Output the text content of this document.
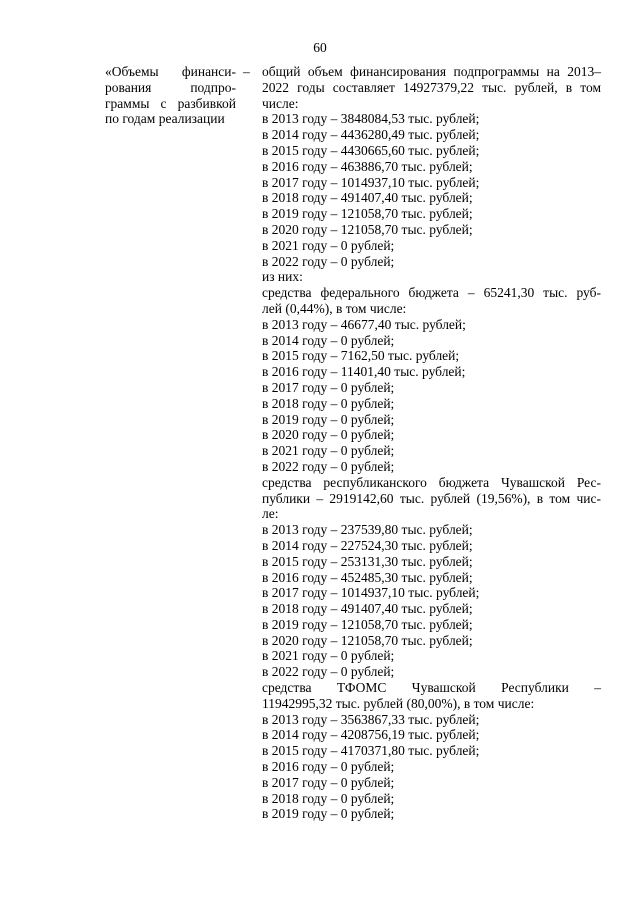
60
«Объемы финанси-
рования подпро-
граммы с разбивкой
по годам реализации
– общий объем финансирования подпрограммы на 2013–
2022 годы составляет 14927379,22 тыс. рублей, в том
числе:
в 2013 году – 3848084,53 тыс. рублей;
в 2014 году – 4436280,49 тыс. рублей;
в 2015 году – 4430665,60 тыс. рублей;
в 2016 году – 463886,70 тыс. рублей;
в 2017 году – 1014937,10 тыс. рублей;
в 2018 году – 491407,40 тыс. рублей;
в 2019 году – 121058,70 тыс. рублей;
в 2020 году – 121058,70 тыс. рублей;
в 2021 году – 0 рублей;
в 2022 году – 0 рублей;
из них:
средства федерального бюджета – 65241,30 тыс. руб-
лей (0,44%), в том числе:
в 2013 году – 46677,40 тыс. рублей;
в 2014 году – 0 рублей;
в 2015 году – 7162,50 тыс. рублей;
в 2016 году – 11401,40 тыс. рублей;
в 2017 году – 0 рублей;
в 2018 году – 0 рублей;
в 2019 году – 0 рублей;
в 2020 году – 0 рублей;
в 2021 году – 0 рублей;
в 2022 году – 0 рублей;
средства республиканского бюджета Чувашской Рес-
публики – 2919142,60 тыс. рублей (19,56%), в том чис-
ле:
в 2013 году – 237539,80 тыс. рублей;
в 2014 году – 227524,30 тыс. рублей;
в 2015 году – 253131,30 тыс. рублей;
в 2016 году – 452485,30 тыс. рублей;
в 2017 году – 1014937,10 тыс. рублей;
в 2018 году – 491407,40 тыс. рублей;
в 2019 году – 121058,70 тыс. рублей;
в 2020 году – 121058,70 тыс. рублей;
в 2021 году – 0 рублей;
в 2022 году – 0 рублей;
средства ТФОМС Чувашской Республики –
11942995,32 тыс. рублей (80,00%), в том числе:
в 2013 году – 3563867,33 тыс. рублей;
в 2014 году – 4208756,19 тыс. рублей;
в 2015 году – 4170371,80 тыс. рублей;
в 2016 году – 0 рублей;
в 2017 году – 0 рублей;
в 2018 году – 0 рублей;
в 2019 году – 0 рублей;
